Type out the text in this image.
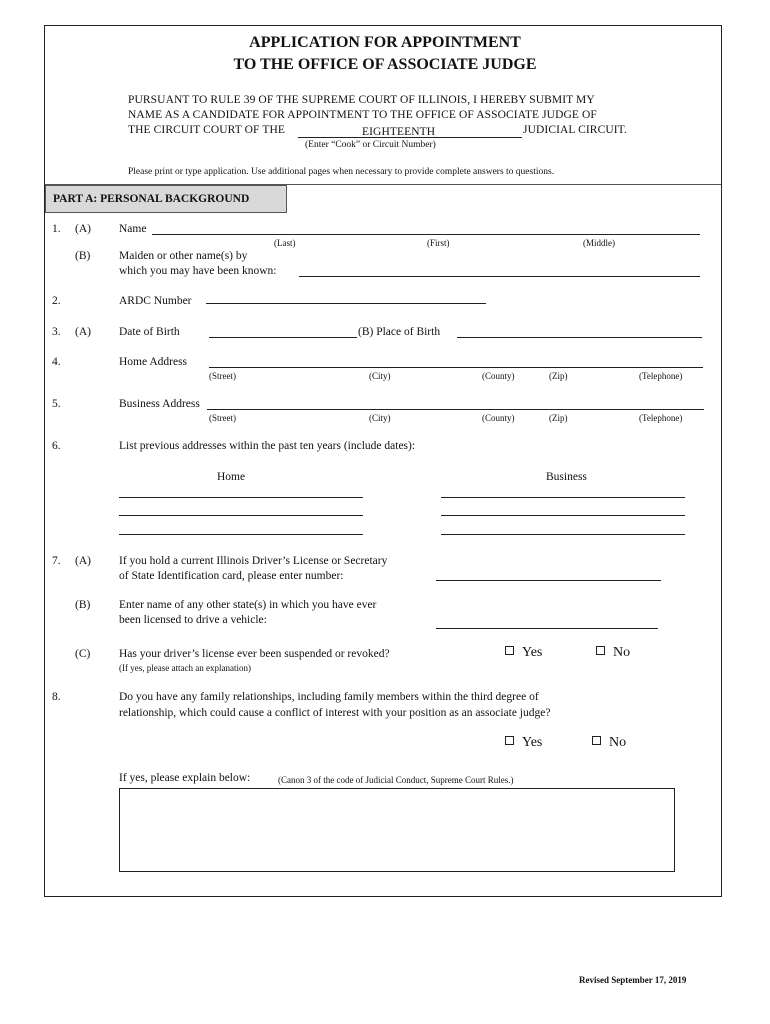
APPLICATION FOR APPOINTMENT
TO THE OFFICE OF ASSOCIATE JUDGE
PURSUANT TO RULE 39 OF THE SUPREME COURT OF ILLINOIS, I HEREBY SUBMIT MY
NAME AS A CANDIDATE FOR APPOINTMENT TO THE OFFICE OF ASSOCIATE JUDGE OF
THE CIRCUIT COURT OF THE	EIGHTEENTH	JUDICIAL CIRCUIT.
(Enter “Cook” or Circuit Number)
Please print or type application. Use additional pages when necessary to provide complete answers to questions.
PART A: PERSONAL BACKGROUND
1. (A) Name
(Last)	(First)	(Middle)
(B) Maiden or other name(s) by
which you may have been known:
2.	ARDC Number
3. (A) Date of Birth	(B) Place of Birth
4.	Home Address
(Street)	(City)	(County)	(Zip)	(Telephone)
5.	Business Address
(Street)	(City)	(County)	(Zip)	(Telephone)
6.	List previous addresses within the past ten years (include dates):
Home	Business
7. (A) If you hold a current Illinois Driver’s License or Secretary
of State Identification card, please enter number:
(B) Enter name of any other state(s) in which you have ever
been licensed to drive a vehicle:
(C) Has your driver’s license ever been suspended or revoked?
(If yes, please attach an explanation)
Yes	No
8.	Do you have any family relationships, including family members within the third degree of
relationship, which could cause a conflict of interest with your position as an associate judge?
Yes	No
If yes, please explain below:	(Canon 3 of the code of Judicial Conduct, Supreme Court Rules.)
Revised September 17, 2019
